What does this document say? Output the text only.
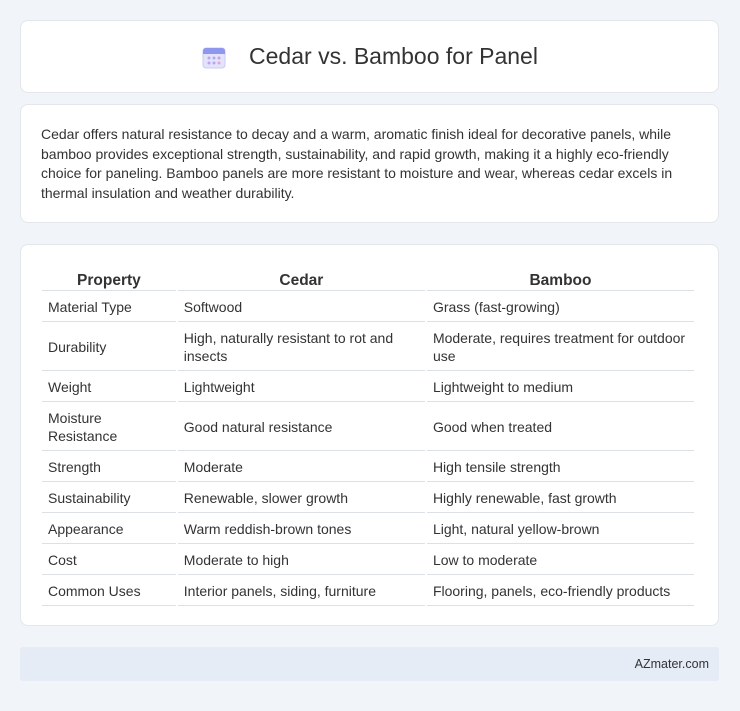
Cedar vs. Bamboo for Panel

Cedar offers natural resistance to decay and a warm, aromatic finish ideal for decorative panels, while bamboo provides exceptional strength, sustainability, and rapid growth, making it a highly eco-friendly choice for paneling. Bamboo panels are more resistant to moisture and wear, whereas cedar excels in thermal insulation and weather durability.

Property	Cedar	Bamboo
Material Type	Softwood	Grass (fast-growing)
Durability	High, naturally resistant to rot and insects	Moderate, requires treatment for outdoor use
Weight	Lightweight	Lightweight to medium
Moisture Resistance	Good natural resistance	Good when treated
Strength	Moderate	High tensile strength
Sustainability	Renewable, slower growth	Highly renewable, fast growth
Appearance	Warm reddish-brown tones	Light, natural yellow-brown
Cost	Moderate to high	Low to moderate
Common Uses	Interior panels, siding, furniture	Flooring, panels, eco-friendly products
AZmater.com
